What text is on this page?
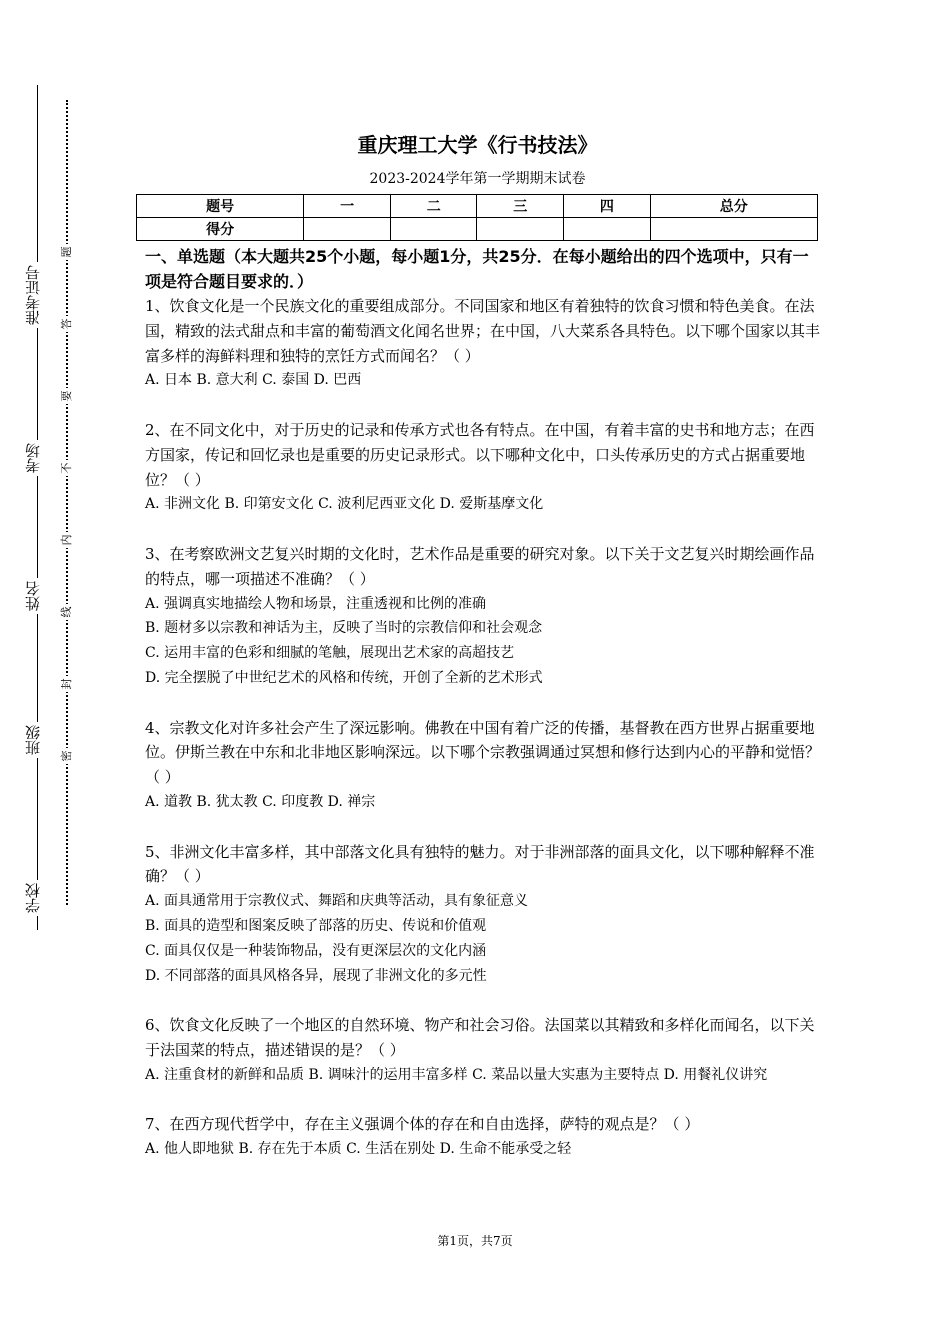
准考证号
考场
姓名
班级
学校
题
答
要
不
内
线
封
密
重庆理工大学《行书技法》
2023-2024学年第一学期期末试卷
题号	一	二	三	四	总分
得分					
一、单选题（本大题共25个小题，每小题1分，共25分．在每小题给出的四个选项中，只有一项是符合题目要求的．）

1、饮食文化是一个民族文化的重要组成部分。不同国家和地区有着独特的饮食习惯和特色美食。在法国，精致的法式甜点和丰富的葡萄酒文化闻名世界；在中国，八大菜系各具特色。以下哪个国家以其丰富多样的海鲜料理和独特的烹饪方式而闻名？（ ）

A. 日本 B. 意大利 C. 泰国 D. 巴西

2、在不同文化中，对于历史的记录和传承方式也各有特点。在中国，有着丰富的史书和地方志；在西方国家，传记和回忆录也是重要的历史记录形式。以下哪种文化中，口头传承历史的方式占据重要地位？（ ）

A. 非洲文化 B. 印第安文化 C. 波利尼西亚文化 D. 爱斯基摩文化

3、在考察欧洲文艺复兴时期的文化时，艺术作品是重要的研究对象。以下关于文艺复兴时期绘画作品的特点，哪一项描述不准确？（ ）

A. 强调真实地描绘人物和场景，注重透视和比例的准确

B. 题材多以宗教和神话为主，反映了当时的宗教信仰和社会观念

C. 运用丰富的色彩和细腻的笔触，展现出艺术家的高超技艺

D. 完全摆脱了中世纪艺术的风格和传统，开创了全新的艺术形式

4、宗教文化对许多社会产生了深远影响。佛教在中国有着广泛的传播，基督教在西方世界占据重要地位。伊斯兰教在中东和北非地区影响深远。以下哪个宗教强调通过冥想和修行达到内心的平静和觉悟？（ ）

A. 道教 B. 犹太教 C. 印度教 D. 禅宗

5、非洲文化丰富多样，其中部落文化具有独特的魅力。对于非洲部落的面具文化，以下哪种解释不准确？（ ）

A. 面具通常用于宗教仪式、舞蹈和庆典等活动，具有象征意义

B. 面具的造型和图案反映了部落的历史、传说和价值观

C. 面具仅仅是一种装饰物品，没有更深层次的文化内涵

D. 不同部落的面具风格各异，展现了非洲文化的多元性

6、饮食文化反映了一个地区的自然环境、物产和社会习俗。法国菜以其精致和多样化而闻名，以下关于法国菜的特点，描述错误的是？（ ）

A. 注重食材的新鲜和品质 B. 调味汁的运用丰富多样 C. 菜品以量大实惠为主要特点 D. 用餐礼仪讲究

7、在西方现代哲学中，存在主义强调个体的存在和自由选择，萨特的观点是？（ ）

A. 他人即地狱 B. 存在先于本质 C. 生活在别处 D. 生命不能承受之轻

第1页，共7页
